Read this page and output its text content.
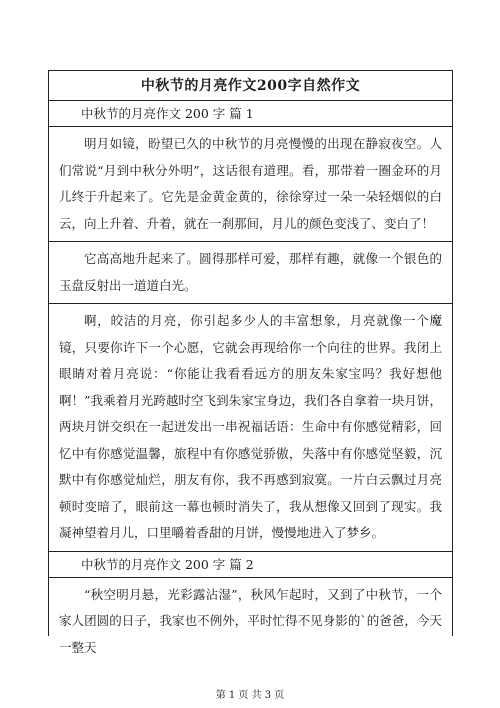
中秋节的月亮作文200字自然作文
中秋节的月亮作文 200 字 篇 1
明月如镜，盼望已久的中秋节的月亮慢慢的出现在静寂夜空。人们常说“月到中秋分外明”，这话很有道理。看，那带着一圈金环的月儿终于升起来了。它先是金黄金黄的，徐徐穿过一朵一朵轻烟似的白云，向上升着、升着，就在一刹那间，月儿的颜色变浅了、变白了！
它高高地升起来了。圆得那样可爱，那样有趣，就像一个银色的玉盘反射出一道道白光。
啊，皎洁的月亮，你引起多少人的丰富想象，月亮就像一个魔镜，只要你许下一个心愿，它就会再现给你一个向往的世界。我闭上眼睛对着月亮说：“你能让我看看远方的朋友朱家宝吗？我好想他啊！”我乘着月光跨越时空飞到朱家宝身边，我们各自拿着一块月饼，两块月饼交织在一起迸发出一串祝福话语：生命中有你感觉精彩，回忆中有你感觉温馨，旅程中有你感觉骄傲，失落中有你感觉坚毅，沉默中有你感觉灿烂，朋友有你，我不再感到寂寞。一片白云飘过月亮顿时变暗了，眼前这一幕也顿时消失了，我从想像又回到了现实。我凝神望着月儿，口里嚼着香甜的月饼，慢慢地进入了梦乡。
中秋节的月亮作文 200 字 篇 2
“秋空明月悬，光彩露沾湿”，秋风乍起时，又到了中秋节，一个家人团圆的日子，我家也不例外，平时忙得不见身影的`的爸爸，今天一整天
第 1 页 共 3 页
